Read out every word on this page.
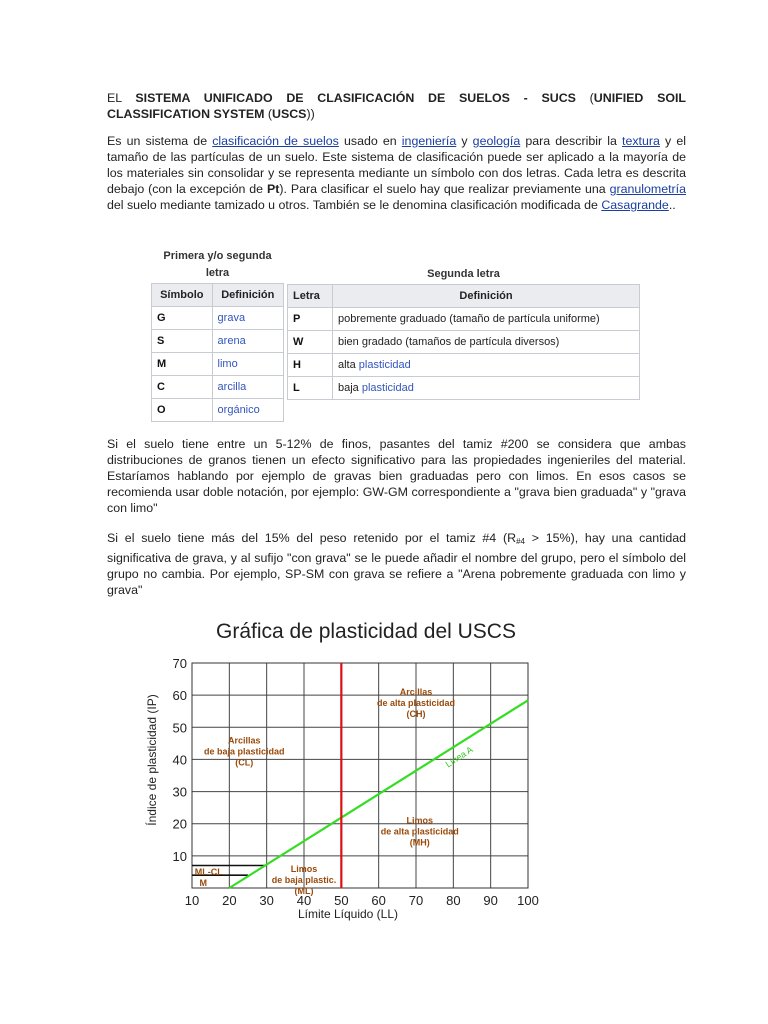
EL SISTEMA UNIFICADO DE CLASIFICACIÓN DE SUELOS - SUCS (UNIFIED SOIL CLASSIFICATION SYSTEM (USCS))
Es un sistema de clasificación de suelos usado en ingeniería y geología para describir la textura y el tamaño de las partículas de un suelo. Este sistema de clasificación puede ser aplicado a la mayoría de los materiales sin consolidar y se representa mediante un símbolo con dos letras. Cada letra es descrita debajo (con la excepción de Pt). Para clasificar el suelo hay que realizar previamente una granulometría del suelo mediante tamizado u otros. También se le denomina clasificación modificada de Casagrande..
Primera y/o segunda
letra
Símbolo	Definición
G	grava
S	arena
M	limo
C	arcilla
O	orgánico
Segunda letra
Letra	Definición
P	pobremente graduado (tamaño de partícula uniforme)
W	bien gradado (tamaños de partícula diversos)
H	alta plasticidad
L	baja plasticidad
Si el suelo tiene entre un 5-12% de finos, pasantes del tamiz #200 se considera que ambas distribuciones de granos tienen un efecto significativo para las propiedades ingenieriles del material. Estaríamos hablando por ejemplo de gravas bien graduadas pero con limos. En esos casos se recomienda usar doble notación, por ejemplo: GW-GM correspondiente a "grava bien graduada" y "grava con limo"
Si el suelo tiene más del 15% del peso retenido por el tamiz #4 $(R_{\#4} > 15\%)$, hay una cantidad significativa de grava, y al sufijo "con grava" se le puede añadir el nombre del grupo, pero el símbolo del grupo no cambia. Por ejemplo, SP-SM con grava se refiere a "Arena pobremente graduada con limo y grava"
Gráfica de plasticidad del USCS
Índice de plasticidad (IP)
Límite Líquido (LL)
10 20 30 40 50 60 70 80 90 100
10
20
30
40
50
60
70
Arcillas de alta plasticidad (CH)
Arcillas de baja plasticidad (CL)
Limos de alta plasticidad (MH)
Limos de baja plastic. (ML)
ML-CL
M
Línea A
